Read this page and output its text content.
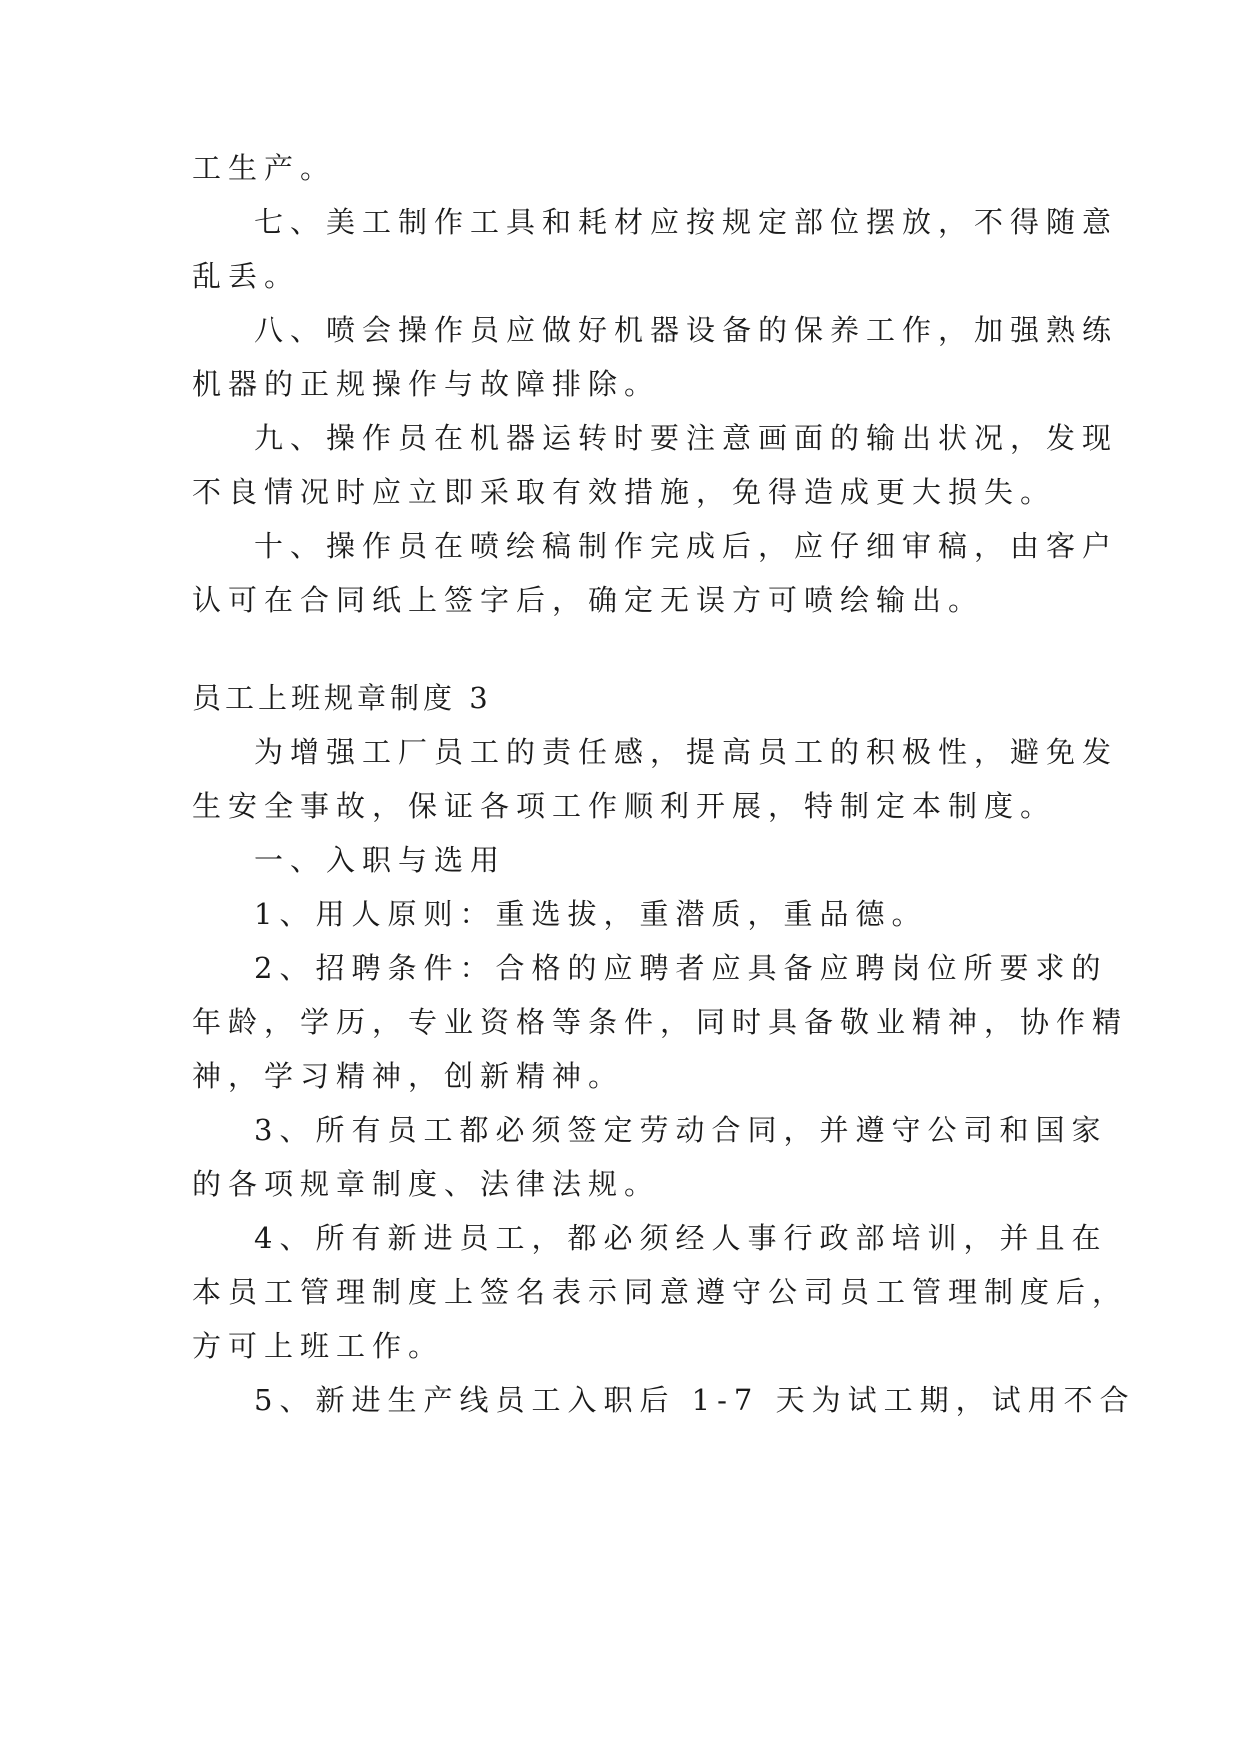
工生产。
七、美工制作工具和耗材应按规定部位摆放，不得随意
乱丢。
八、喷会操作员应做好机器设备的保养工作，加强熟练
机器的正规操作与故障排除。
九、操作员在机器运转时要注意画面的输出状况，发现
不良情况时应立即采取有效措施，免得造成更大损失。
十、操作员在喷绘稿制作完成后，应仔细审稿，由客户
认可在合同纸上签字后，确定无误方可喷绘输出。
员工上班规章制度 3
为增强工厂员工的责任感，提高员工的积极性，避免发
生安全事故，保证各项工作顺利开展，特制定本制度。
一、入职与选用
1、用人原则：重选拔，重潜质，重品德。
2、招聘条件：合格的应聘者应具备应聘岗位所要求的
年龄，学历，专业资格等条件，同时具备敬业精神，协作精
神，学习精神，创新精神。
3、所有员工都必须签定劳动合同，并遵守公司和国家
的各项规章制度、法律法规。
4、所有新进员工，都必须经人事行政部培训，并且在
本员工管理制度上签名表示同意遵守公司员工管理制度后，
方可上班工作。
5、新进生产线员工入职后 1-7 天为试工期，试用不合
